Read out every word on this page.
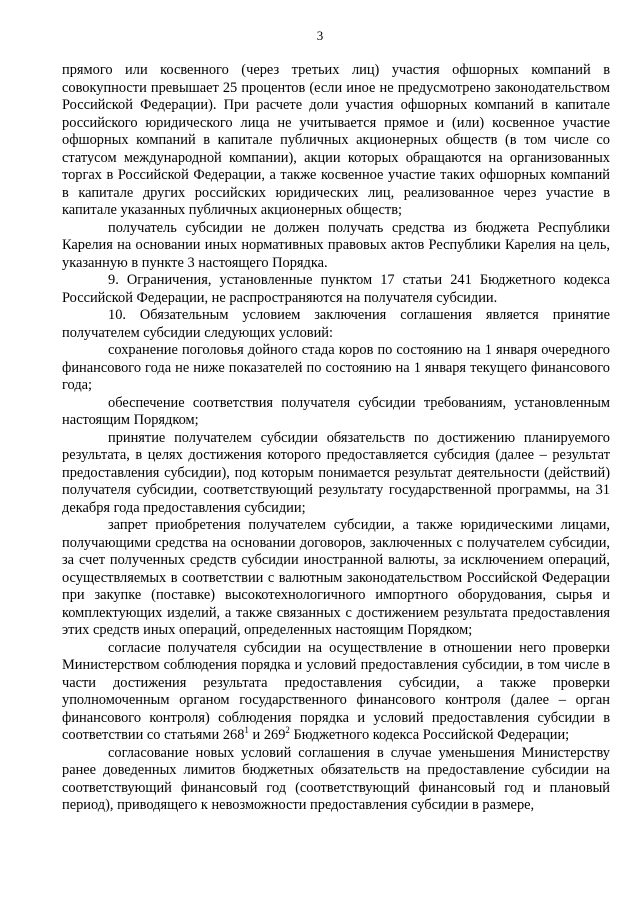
3

прямого или косвенного (через третьих лиц) участия офшорных компаний в совокупности превышает 25 процентов (если иное не предусмотрено законодательством Российской Федерации). При расчете доли участия офшорных компаний в капитале российского юридического лица не учитывается прямое и (или) косвенное участие офшорных компаний в капитале публичных акционерных обществ (в том числе со статусом международной компании), акции которых обращаются на организованных торгах в Российской Федерации, а также косвенное участие таких офшорных компаний в капитале других российских юридических лиц, реализованное через участие в капитале указанных публичных акционерных обществ;

получатель субсидии не должен получать средства из бюджета Республики Карелия на основании иных нормативных правовых актов Республики Карелия на цель, указанную в пункте 3 настоящего Порядка.

9. Ограничения, установленные пунктом 17 статьи 241 Бюджетного кодекса Российской Федерации, не распространяются на получателя субсидии.

10. Обязательным условием заключения соглашения является принятие получателем субсидии следующих условий:

сохранение поголовья дойного стада коров по состоянию на 1 января очередного финансового года не ниже показателей по состоянию на 1 января текущего финансового года;

обеспечение соответствия получателя субсидии требованиям, установленным настоящим Порядком;

принятие получателем субсидии обязательств по достижению планируемого результата, в целях достижения которого предоставляется субсидия (далее – результат предоставления субсидии), под которым понимается результат деятельности (действий) получателя субсидии, соответствующий результату государственной программы, на 31 декабря года предоставления субсидии;

запрет приобретения получателем субсидии, а также юридическими лицами, получающими средства на основании договоров, заключенных с получателем субсидии, за счет полученных средств субсидии иностранной валюты, за исключением операций, осуществляемых в соответствии с валютным законодательством Российской Федерации при закупке (поставке) высокотехнологичного импортного оборудования, сырья и комплектующих изделий, а также связанных с достижением результата предоставления этих средств иных операций, определенных настоящим Порядком;

согласие получателя субсидии на осуществление в отношении него проверки Министерством соблюдения порядка и условий предоставления субсидии, в том числе в части достижения результата предоставления субсидии, а также проверки уполномоченным органом государственного финансового контроля (далее – орган финансового контроля) соблюдения порядка и условий предоставления субсидии в соответствии со статьями $268^1$ и $269^2$ Бюджетного кодекса Российской Федерации;

согласование новых условий соглашения в случае уменьшения Министерству ранее доведенных лимитов бюджетных обязательств на предоставление субсидии на соответствующий финансовый год (соответствующий финансовый год и плановый период), приводящего к невозможности предоставления субсидии в размере,
